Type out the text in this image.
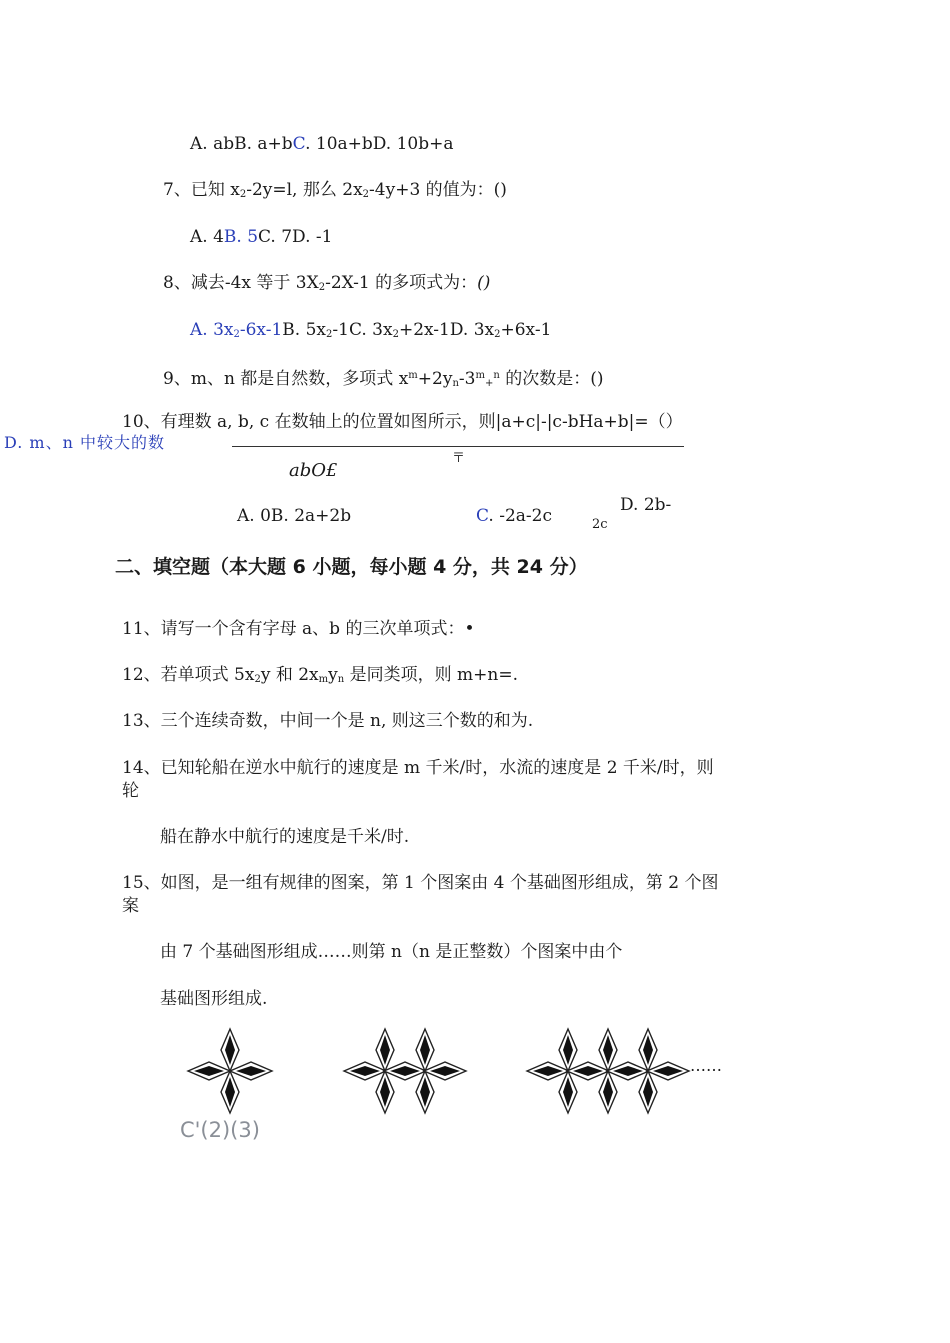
A. abB. a+bC. 10a+bD. 10b+a
7、已知 $x_2-2y=l$, 那么 $2x_2-4y+3$ 的值为：()
A. 4B. 5C. 7D. -1
8、减去-4x 等于 $3X_2-2X-1$ 的多项式为：()
A. $3x_2-6x-1B$. $5x_2-1C$. $3x_2+2x-1D$. $3x_2+6x-1$
9、m、n 都是自然数，多项式 $x^m+2y_n-3^m_+^n$ 的次数是：()
10、有理数 a, b, c 在数轴上的位置如图所示，则|a+c|-|c-bHa+b|=（）
D. m、n 中较大的数
〒
abO£
A. 0B. 2a+2b	C. -2a-2c
D. 2b-
2c
二、填空题（本大题 6 小题，每小题 4 分，共 24 分）
11、请写一个含有字母 a、b 的三次单项式：•
12、若单项式 $5x_2y$ 和 $2x_my_n$ 是同类项，则 m+n=.
13、三个连续奇数，中间一个是 n, 则这三个数的和为.
14、已知轮船在逆水中航行的速度是 m 千米/时，水流的速度是 2 千米/时，则
轮
船在静水中航行的速度是千米/时.
15、如图，是一组有规律的图案，第 1 个图案由 4 个基础图形组成，第 2 个图
案
由 7 个基础图形组成……则第 n（n 是正整数）个图案中由个
基础图形组成.
……
C'(2)(3)
